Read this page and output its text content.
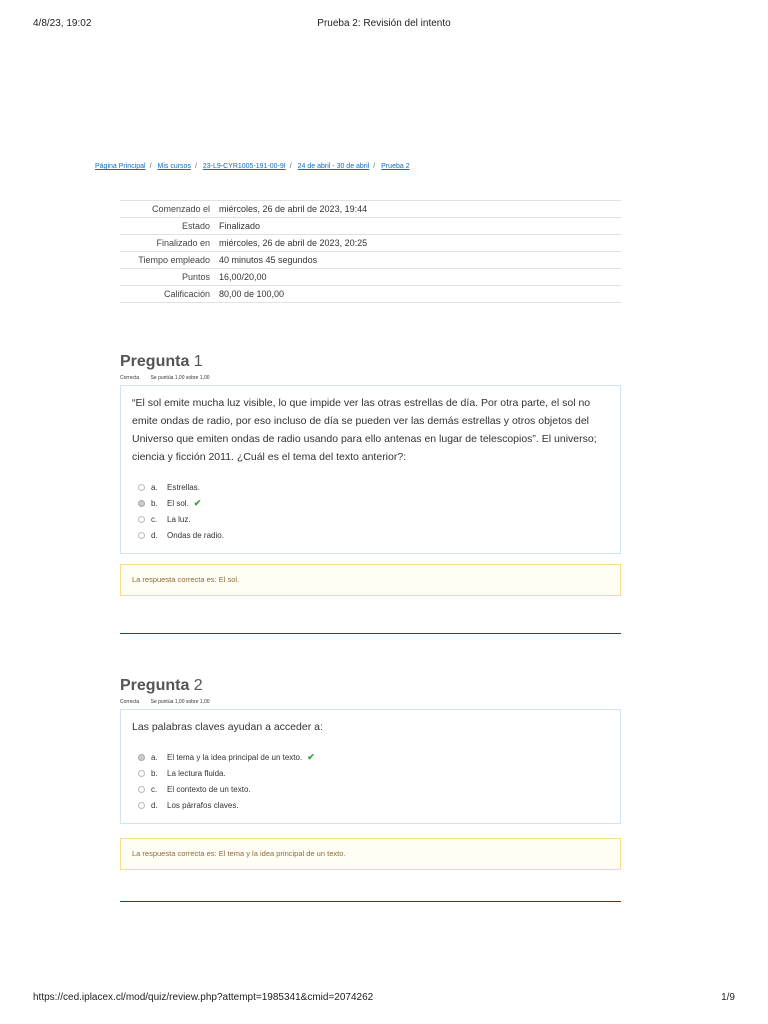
4/8/23, 19:02	Prueba 2: Revisión del intento
Página Principal / Mis cursos / 23-L9-CYR1005-191-00-9I / 24 de abril - 30 de abril / Prueba 2
Comenzado el	miércoles, 26 de abril de 2023, 19:44
Estado	Finalizado
Finalizado en	miércoles, 26 de abril de 2023, 20:25
Tiempo empleado	40 minutos 45 segundos
Puntos	16,00/20,00
Calificación	80,00 de 100,00
Pregunta 1
Correcta Se puntúa 1,00 sobre 1,00

“El sol emite mucha luz visible, lo que impide ver las otras estrellas de día. Por otra parte, el sol no emite ondas de radio, por eso incluso de día se pueden ver las demás estrellas y otros objetos del Universo que emiten ondas de radio usando para ello antenas en lugar de telescopios”. El universo; ciencia y ficción 2011. ¿Cuál es el tema del texto anterior?:

a.	Estrellas.
b.	El sol. ✔
c.	La luz.
d.	Ondas de radio.
La respuesta correcta es: El sol.
Pregunta 2
Correcta Se puntúa 1,00 sobre 1,00

Las palabras claves ayudan a acceder a:

a.	El tema y la idea principal de un texto. ✔
b.	La lectura fluida.
c.	El contexto de un texto.
d.	Los párrafos claves.
La respuesta correcta es: El tema y la idea principal de un texto.
https://ced.iplacex.cl/mod/quiz/review.php?attempt=1985341&cmid=2074262	1/9
